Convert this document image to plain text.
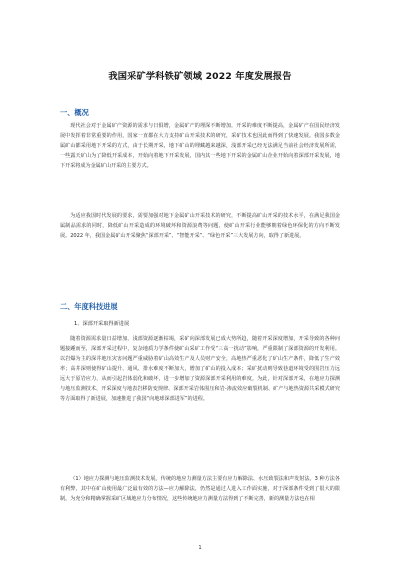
我国采矿学科铁矿领域 2022 年度发展报告
一、概况
现代社会对于金属矿产资源的需求与日俱增，金属矿产的埋深不断增加，开采的难度不断提高，金属矿产在国民经济发展中发挥着非常重要的作用，国家一直都在大力支持矿山开采技术的研究，采矿技术也因此而得到了快速发展。我国多数金属矿山都采用地下开采的方式，由于长期开采，地下矿山的埋藏越来越深，浅部开采已经无法满足当前社会经济发展所需，一些露天矿山为了降低开采成本，开始向着地下开采发展，国内其一些地下开采的金属矿山企业开始向着深部开采发展，地下开采将成为金属矿山开采的主要方式。
为适应我国时代发展的要求，需要加强对地下金属矿山开采技术的研究，不断提高矿山开采的技术水平，在满足我国金属制品需求的同时，降低矿山开采造成的环境破坏和资源浪费等问题，使矿山开采行业能够朝着绿色环保化的方向不断发展。2022 年，我国金属矿山开采聚焦“深部开采”、“智能开采”、“绿色开采”三大发展方向，取得了新进展。
二、年度科技进展
1、深部开采取得新进展
随着资源需求量日益增加，浅部资源逐渐枯竭，采矿向深部发展已成大势所趋，随着开采深度增加，开采导致的各种问题接踵而至，深部开采过程中，复杂地质力学条件使矿山采矿工作受“三高一扰动”影响，严重限制了深部资源的开发利用。以岩爆为主的深井地压灾害问题严重威胁着矿山高效生产及人员财产安全，高地热严重恶化了矿山生产条件，降低了生产效率；高井深则使得矿山提升、通风、排水难度不断加大，增加了矿山的投入成本；采矿扰动则导致巷道环境受的围岩压力远远大于原岩应力，从而引起岩体弱化和破坏，进一步增加了资源深部开采利用的难度。为此，针对深部开采，在地应力探测与地压监测技术、开采深度与地表岩移防变规律、深部开采岩体围压和岩-渗流效应破裂机制、矿产与地热资源共采模式研究等方面取得了新进展，加速推进了我国“向地球深部进军”的进程。
（1）地应力探测与地压监测技术发展。传统的地应力测量方法主要有应力解除法、水压致裂法和声发射法。3 种方法各有利弊，其中在矿山使用最广泛最有效的方法—应力解除法，仍然是通过人进入工作面实施，对于深部条件受到了很大的限制。为充分和精确掌握采矿区域地应力分布情况，这些传统地应力测量方法得到了不断完善，新的测量方法也在相
1
